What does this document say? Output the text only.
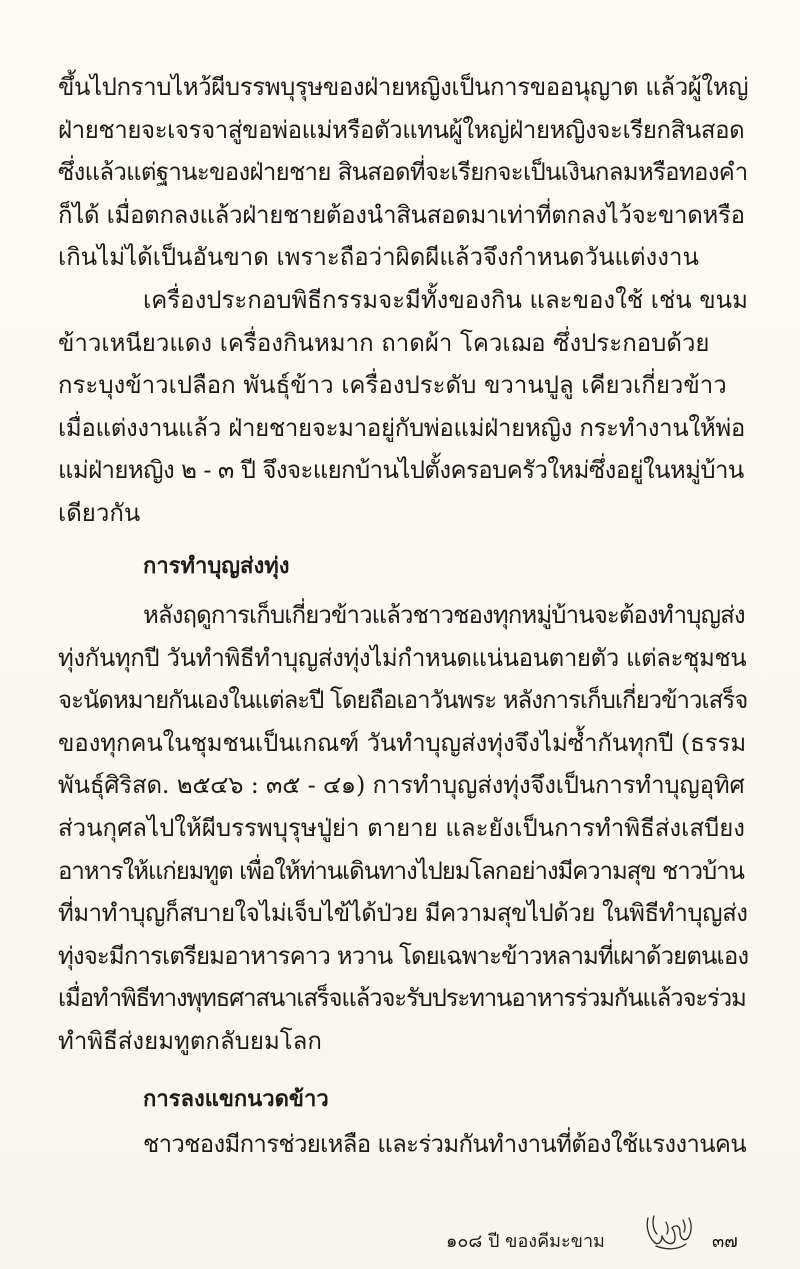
ขึ้นไปกราบไหว้ผีบรรพบุรุษของฝ่ายหญิงเป็นการขออนุญาต แล้วผู้ใหญ่
ฝ่ายชายจะเจรจาสู่ขอพ่อแม่หรือตัวแทนผู้ใหญ่ฝ่ายหญิงจะเรียกสินสอด
ซึ่งแล้วแต่ฐานะของฝ่ายชาย สินสอดที่จะเรียกจะเป็นเงินกลมหรือทองคำ
ก็ได้ เมื่อตกลงแล้วฝ่ายชายต้องนำสินสอดมาเท่าที่ตกลงไว้จะขาดหรือ
เกินไม่ได้เป็นอันขาด เพราะถือว่าผิดผีแล้วจึงกำหนดวันแต่งงาน
เครื่องประกอบพิธีกรรมจะมีทั้งของกิน และของใช้ เช่น ขนม
ข้าวเหนียวแดง เครื่องกินหมาก ถาดผ้า โควเฌอ ซึ่งประกอบด้วย
กระบุงข้าวเปลือก พันธุ์ข้าว เครื่องประดับ ขวานปูลู เคียวเกี่ยวข้าว
เมื่อแต่งงานแล้ว ฝ่ายชายจะมาอยู่กับพ่อแม่ฝ่ายหญิง กระทำงานให้พ่อ
แม่ฝ่ายหญิง ๒ - ๓ ปี จึงจะแยกบ้านไปตั้งครอบครัวใหม่ซึ่งอยู่ในหมู่บ้าน
เดียวกัน
การทำบุญส่งทุ่ง
หลังฤดูการเก็บเกี่ยวข้าวแล้วชาวชองทุกหมู่บ้านจะต้องทำบุญส่ง
ทุ่งกันทุกปี วันทำพิธีทำบุญส่งทุ่งไม่กำหนดแน่นอนตายตัว แต่ละชุมชน
จะนัดหมายกันเองในแต่ละปี โดยถือเอาวันพระ หลังการเก็บเกี่ยวข้าวเสร็จ
ของทุกคนในชุมชนเป็นเกณฑ์ วันทำบุญส่งทุ่งจึงไม่ซ้ำกันทุกปี (ธรรม
พันธุ์ศิริสด. ๒๕๔๖ : ๓๕ - ๔๑) การทำบุญส่งทุ่งจึงเป็นการทำบุญอุทิศ
ส่วนกุศลไปให้ผีบรรพบุรุษปู่ย่า ตายาย และยังเป็นการทำพิธีส่งเสบียง
อาหารให้แก่ยมทูต เพื่อให้ท่านเดินทางไปยมโลกอย่างมีความสุข ชาวบ้าน
ที่มาทำบุญก็สบายใจไม่เจ็บไข้ได้ป่วย มีความสุขไปด้วย ในพิธีทำบุญส่ง
ทุ่งจะมีการเตรียมอาหารคาว หวาน โดยเฉพาะข้าวหลามที่เผาด้วยตนเอง
เมื่อทำพิธีทางพุทธศาสนาเสร็จแล้วจะรับประทานอาหารร่วมกันแล้วจะร่วม
ทำพิธีส่งยมทูตกลับยมโลก
การลงแขกนวดข้าว
ชาวชองมีการช่วยเหลือ และร่วมกันทำงานที่ต้องใช้แรงงานคน
๑๐๘ ปี ของคีมะขาม	๓๗
